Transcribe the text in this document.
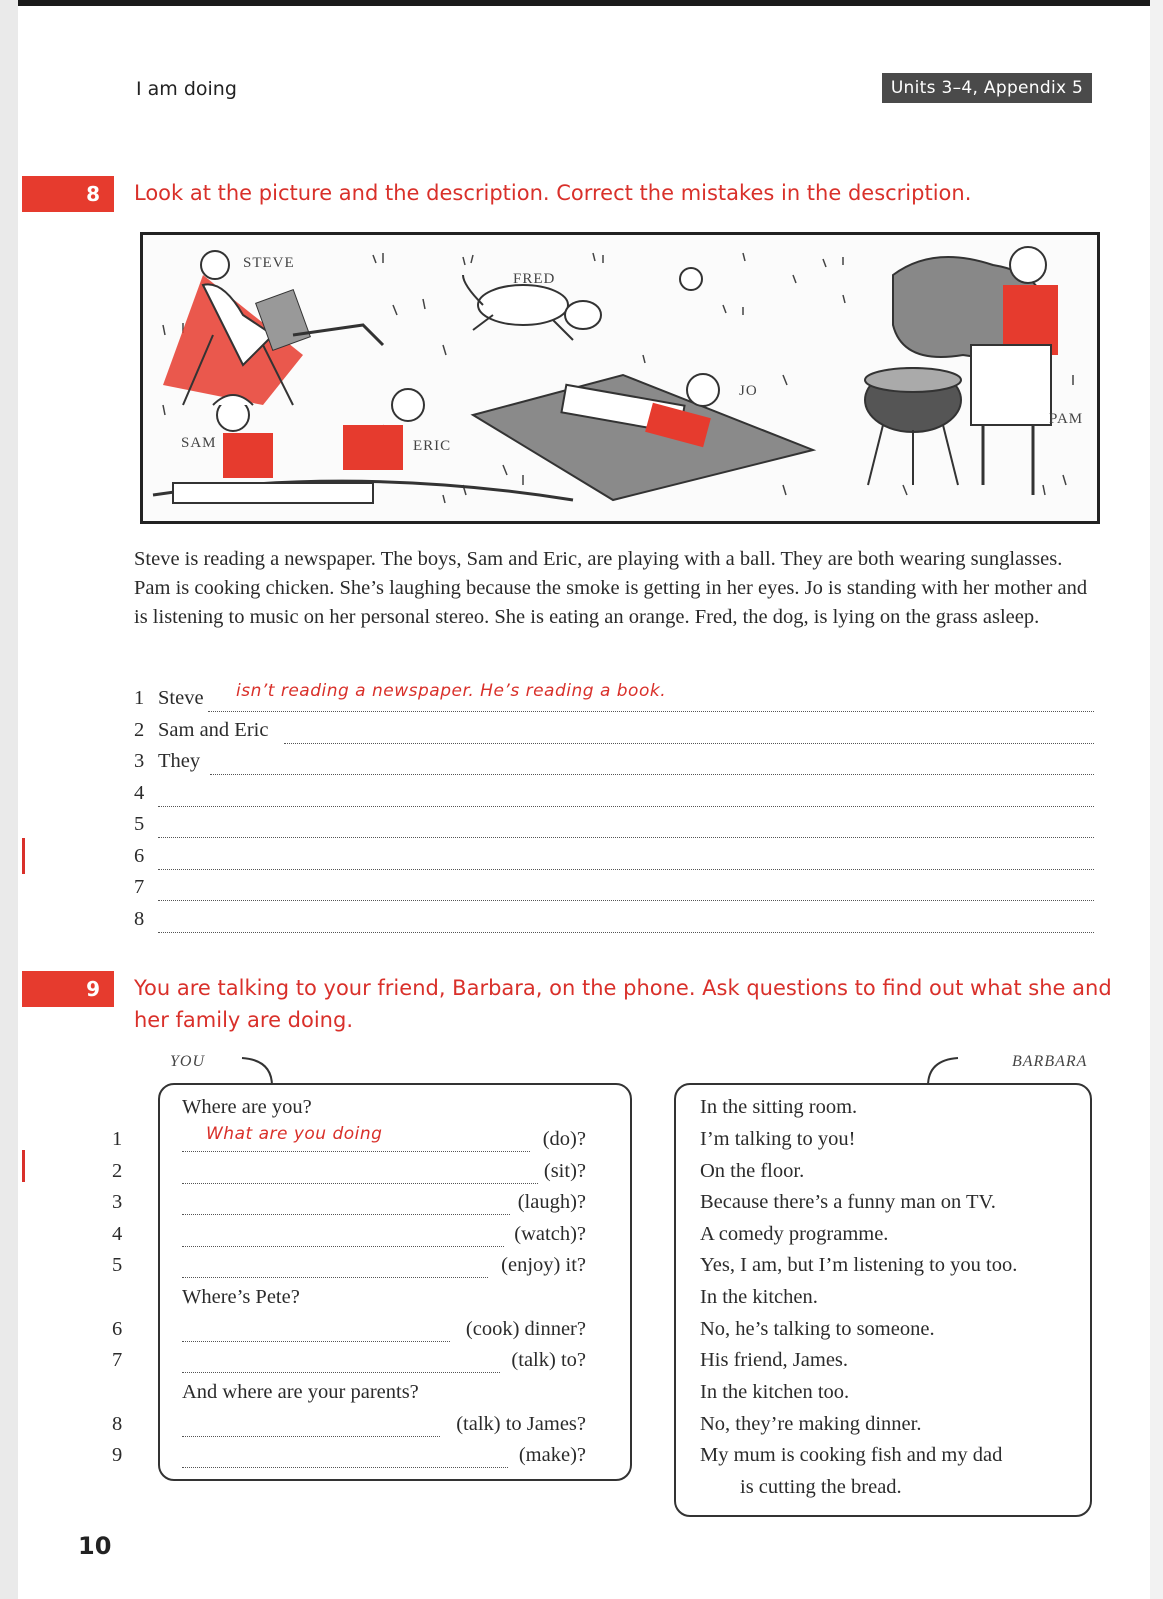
I am doing	Units 3–4, Appendix 5
8	Look at the picture and the description. Correct the mistakes in the description.
STEVE
FRED
SAM	ERIC
JO
PAM
Steve is reading a newspaper. The boys, Sam and Eric, are playing with a ball. They are both wearing sunglasses. Pam is cooking chicken. She’s laughing because the smoke is getting in her eyes. Jo is standing with her mother and is listening to music on her personal stereo. She is eating an orange. Fred, the dog, is lying on the grass asleep.
1 Steve isn’t reading a newspaper. He’s reading a book.
2 Sam and Eric
3 They
4
5
6
7
8
9	You are talking to your friend, Barbara, on the phone. Ask questions to find out what she and
her family are doing.
YOU	BARBARA
Where are you?
1	What are you doing	(do)?
2	(sit)?
3	(laugh)?
4	(watch)?
5	(enjoy) it?
Where’s Pete?
6	(cook) dinner?
7	(talk) to?
And where are your parents?
8	(talk) to James?
9	(make)?
In the sitting room.
I’m talking to you!
On the floor.
Because there’s a funny man on TV.
A comedy programme.
Yes, I am, but I’m listening to you too.
In the kitchen.
No, he’s talking to someone.
His friend, James.
In the kitchen too.
No, they’re making dinner.
My mum is cooking fish and my dad
is cutting the bread.
10
